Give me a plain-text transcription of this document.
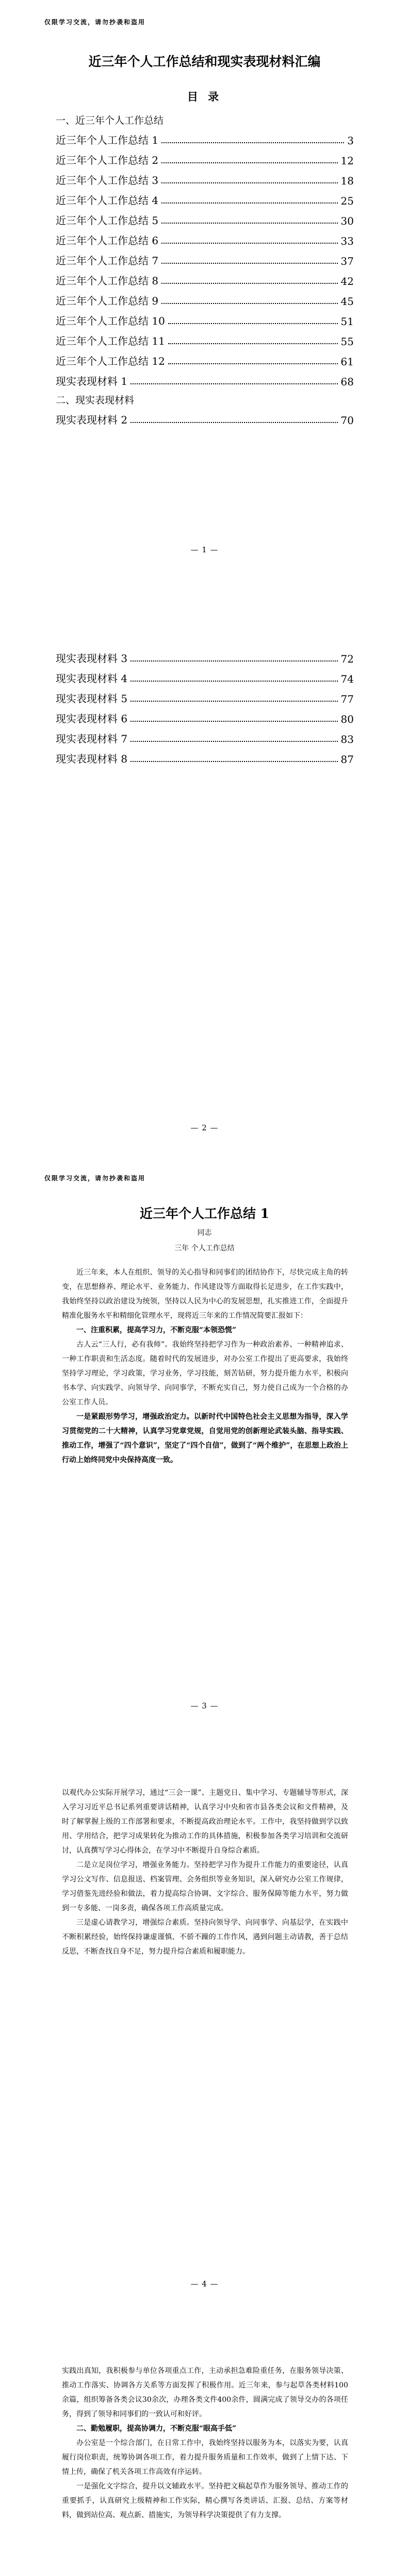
仅限学习交流，请勿抄袭和盗用
近三年个人工作总结和现实表现材料汇编
目 录
一、近三年个人工作总结
近三年个人工作总结 1	3
近三年个人工作总结 2	12
近三年个人工作总结 3	18
近三年个人工作总结 4	25
近三年个人工作总结 5	30
近三年个人工作总结 6	33
近三年个人工作总结 7	37
近三年个人工作总结 8	42
近三年个人工作总结 9	45
近三年个人工作总结 10	51
近三年个人工作总结 11	55
近三年个人工作总结 12	61
现实表现材料 1	68
二、现实表现材料
现实表现材料 2	70
— 1 —
现实表现材料 3	72
现实表现材料 4	74
现实表现材料 5	77
现实表现材料 6	80
现实表现材料 7	83
现实表现材料 8	87
— 2 —
仅限学习交流，请勿抄袭和盗用
近三年个人工作总结 1
同志
三年 个人工作总结

近三年来，本人在组织、领导的关心指导和同事们的团结协作下，尽快完成主角的转变，在思想修养、理论水平、业务能力、作风建设等方面取得长足进步，在工作实践中，我始终坚持以政治建设为统领，坚持以人民为中心的发展思想，扎实推进工作，全面提升精准化服务水平和精细化管理水平，现将近三年来的工作情况简要汇报如下：

一、注重积累，提高学习力，不断克服“本领恐慌”

古人云“三人行，必有我师”。我始终坚持把学习作为一种政治素养、一种精神追求、一种工作职责和生活态度。随着时代的发展进步，对办公室工作提出了更高要求，我始终坚持学习理论，学习政策，学习业务，学习技能，刻苦钻研，努力提升能力水平，积极向书本学、向实践学、向领导学、向同事学，不断充实自己，努力使自己成为一个合格的办公室工作人员。

一是紧跟形势学习，增强政治定力。以新时代中国特色社会主义思想为指导，深入学习贯彻党的二十大精神，认真学习党章党规，自觉用党的创新理论武装头脑、指导实践、推动工作，增强了“四个意识”，坚定了“四个自信”，做到了“两个维护”，在思想上政治上行动上始终同党中央保持高度一致。

— 3 —

以观代办公实际开展学习，通过“三会一课”、主题党日、集中学习、专题辅导等形式，深入学习习近平总书记系列重要讲话精神，认真学习中央和省市县各类会议和文件精神，及时了解掌握上级的工作部署和要求，不断提高政治理论水平。工作中，我坚持做到学以致用、学用结合，把学习成果转化为推动工作的具体措施，积极参加各类学习培训和交流研讨，认真撰写学习心得体会，在学习中不断提升自身综合素质。

二是立足岗位学习，增强业务能力。坚持把学习作为提升工作能力的重要途径，认真学习公文写作、信息报送、档案管理、会务组织等业务知识，深入研究办公室工作规律，学习借鉴先进经验和做法，着力提高综合协调、文字综合、服务保障等能力水平，努力做到一专多能、一岗多责，确保各项工作高质量完成。

三是虚心请教学习，增强综合素质。坚持向领导学、向同事学、向基层学，在实践中不断积累经验，始终保持谦虚谨慎、不骄不躁的工作作风，遇到问题主动请教，善于总结反思，不断查找自身不足，努力提升综合素质和履职能力。

— 4 —

实践出真知，我积极参与单位各项重点工作，主动承担急难险重任务，在服务领导决策、推动工作落实、协调各方关系等方面发挥了积极作用。近三年来，参与起草各类材料100余篇，组织筹备各类会议30余次，办理各类文件400余件，圆满完成了领导交办的各项任务，得到了领导和同事们的一致认可和好评。

二、勤勉履职，提高协调力，不断克服“眼高手低”

办公室是一个综合部门，在日常工作中，我始终坚持以服务为本，以落实为要，认真履行岗位职责，统筹协调各项工作，着力提升服务质量和工作效率，做到了上情下达、下情上传，确保了机关各项工作高效有序运转。

一是强化文字综合，提升以文辅政水平。坚持把文稿起草作为服务领导、推动工作的重要抓手，认真研究上级精神和工作实际，精心撰写各类讲话、汇报、总结、方案等材料，做到站位高、观点新、措施实，为领导科学决策提供了有力支撑。
